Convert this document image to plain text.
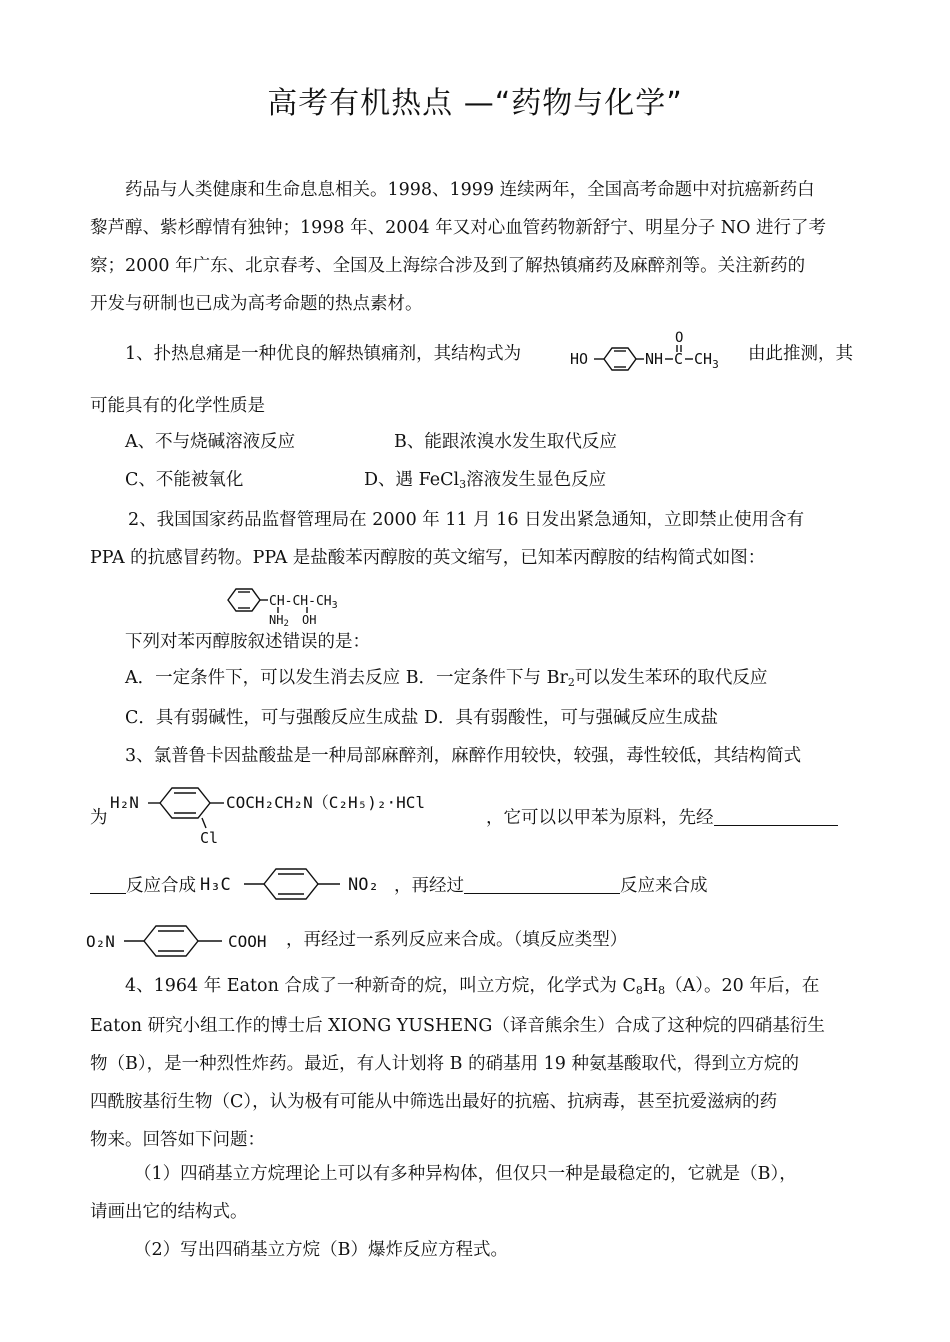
高考有机热点 —“药物与化学”
药品与人类健康和生命息息相关。1998、1999 连续两年，全国高考命题中对抗癌新药白
黎芦醇、紫杉醇情有独钟；1998 年、2004 年又对心血管药物新舒宁、明星分子 NO 进行了考
察；2000 年广东、北京春考、全国及上海综合涉及到了解热镇痛药及麻醉剂等。关注新药的
开发与研制也已成为高考命题的热点素材。
1、扑热息痛是一种优良的解热镇痛剂，其结构式为	HO	NH C
O
$CH_3$
由此推测，其
可能具有的化学性质是
A、不与烧碱溶液反应	B、能跟浓溴水发生取代反应
C、不能被氧化	D、遇 FeCl$_3$溶液发生显色反应
2、我国国家药品监督管理局在 2000 年 11 月 16 日发出紧急通知，立即禁止使用含有
PPA 的抗感冒药物。PPA 是盐酸苯丙醇胺的英文缩写，已知苯丙醇胺的结构简式如图：
$CH-CH-CH_3$
NH2 OH
下列对苯丙醇胺叙述错误的是：
A．一定条件下，可以发生消去反应 B．一定条件下与 $Br_2$可以发生苯环的取代反应
C．具有弱碱性，可与强酸反应生成盐 D．具有弱酸性，可与强碱反应生成盐
3、氯普鲁卡因盐酸盐是一种局部麻醉剂，麻醉作用较快，较强，毒性较低，其结构简式
为
H₂N	COCH₂CH₂N（C₂H₅)₂·HCl
Cl
，它可以以甲苯为原料，先经
反应合成 H₃C	NO₂ ，再经过	反应来合成
O₂N	COOH ，再经过一系列反应来合成。（填反应类型）
4、1964 年 Eaton 合成了一种新奇的烷，叫立方烷，化学式为 $C_8H_8(A)$。20 年后，在
Eaton 研究小组工作的博士后 XIONG YUSHENG（译音熊余生）合成了这种烷的四硝基衍生
物（B），是一种烈性炸药。最近，有人计划将 B 的硝基用 19 种氨基酸取代，得到立方烷的
四酰胺基衍生物（C），认为极有可能从中筛选出最好的抗癌、抗病毒，甚至抗爱滋病的药
物来。回答如下问题：
（1）四硝基立方烷理论上可以有多种异构体，但仅只一种是最稳定的，它就是（B），
请画出它的结构式。
（2）写出四硝基立方烷（B）爆炸反应方程式。
